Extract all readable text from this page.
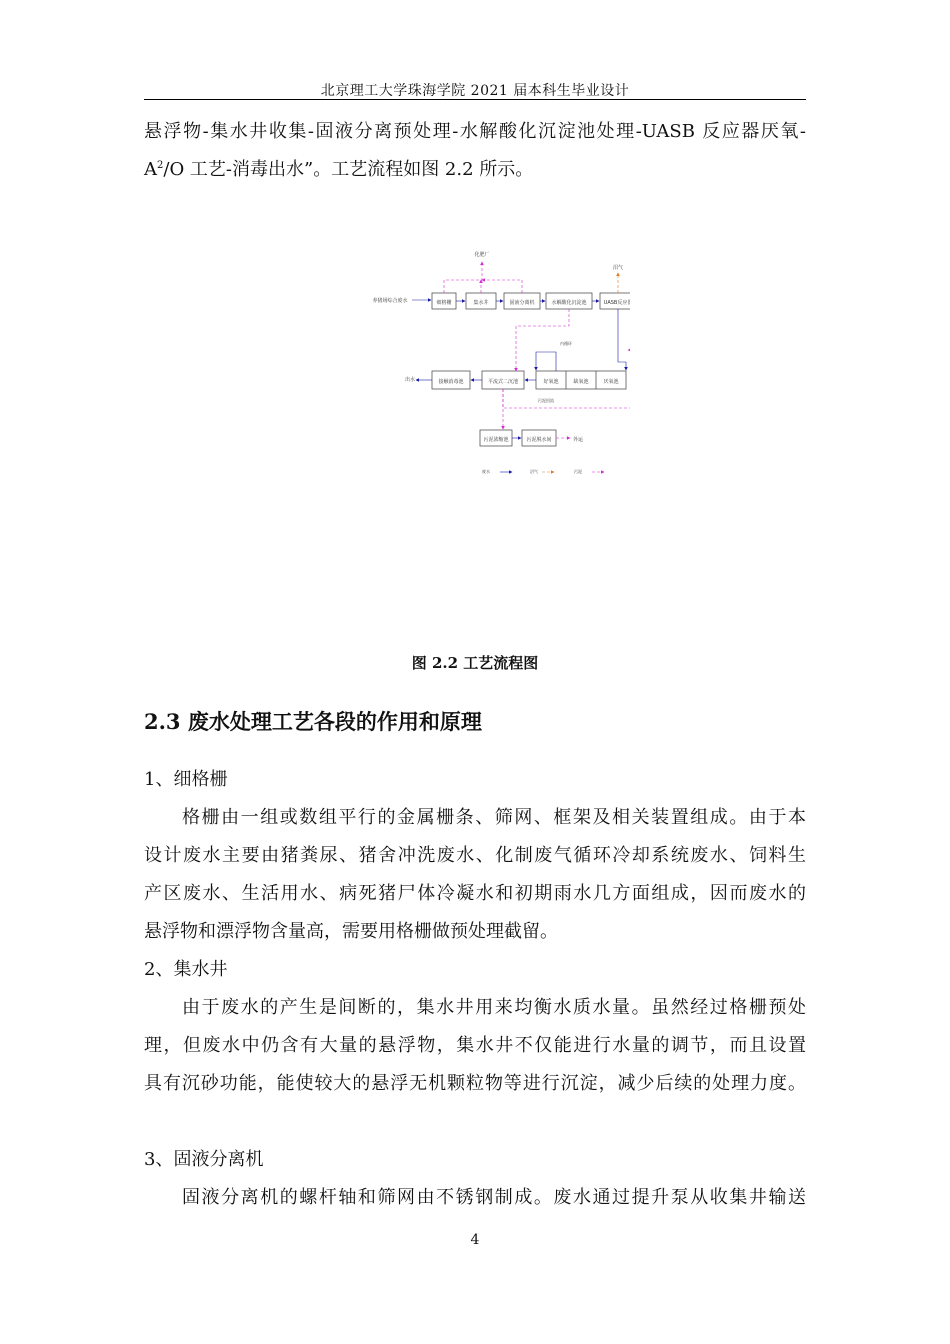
北京理工大学珠海学院 2021 届本科生毕业设计
悬浮物-集水井收集-固液分离预处理-水解酸化沉淀池处理-UASB 反应器厌氧-
$A^2/O$ 工艺-消毒出水”。工艺流程如图 2.2 所示。
细格栅	集水井	固液分离机	水解酸化沉淀池	UASB反应器
接触消毒池	平流式二沉池	好氧池	缺氧池	厌氧池
污泥浓缩池	污泥脱水间
养猪场综合废水
出水
外运
化肥厂
沼气
内循环
污泥回流
废水	沼气	污泥
图 2.2 工艺流程图
2.3 废水处理工艺各段的作用和原理
1、细格栅
格栅由一组或数组平行的金属栅条、筛网、框架及相关装置组成。由于本
设计废水主要由猪粪尿、猪舍冲洗废水、化制废气循环冷却系统废水、饲料生
产区废水、生活用水、病死猪尸体冷凝水和初期雨水几方面组成，因而废水的
悬浮物和漂浮物含量高，需要用格栅做预处理截留。
2、集水井
由于废水的产生是间断的，集水井用来均衡水质水量。虽然经过格栅预处
理，但废水中仍含有大量的悬浮物，集水井不仅能进行水量的调节，而且设置
具有沉砂功能，能使较大的悬浮无机颗粒物等进行沉淀，减少后续的处理力度。
3、固液分离机
固液分离机的螺杆轴和筛网由不锈钢制成。废水通过提升泵从收集井输送
4
